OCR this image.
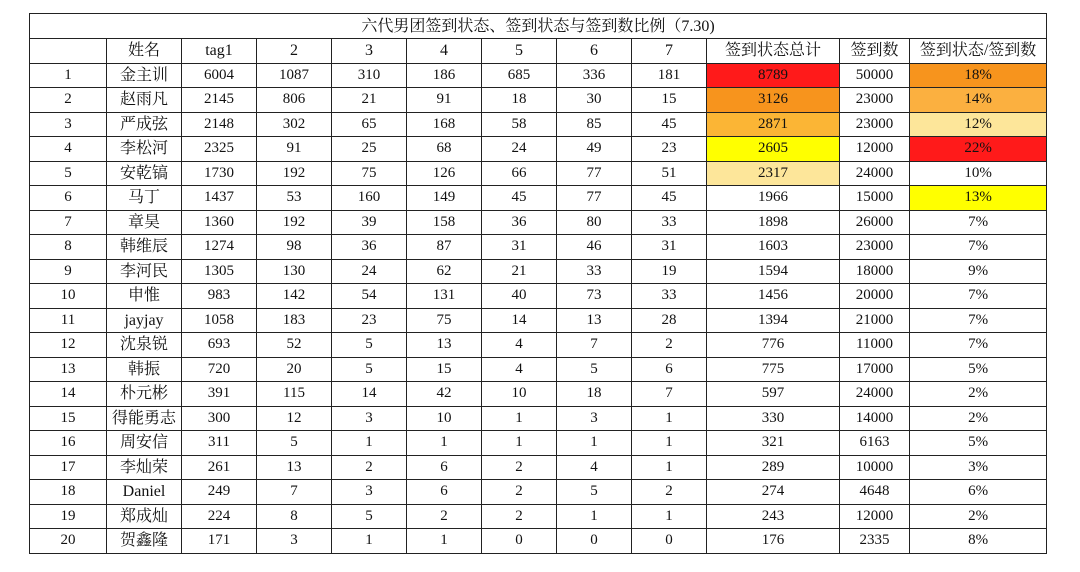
六代男团签到状态、签到状态与签到数比例（7.30)											
	姓名	tag1	2	3	4	5	6	7	签到状态总计	签到数	签到状态/签到数
1	金主训	6004	1087	310	186	685	336	181	8789	50000	18%
2	赵雨凡	2145	806	21	91	18	30	15	3126	23000	14%
3	严成弦	2148	302	65	168	58	85	45	2871	23000	12%
4	李松河	2325	91	25	68	24	49	23	2605	12000	22%
5	安乾镐	1730	192	75	126	66	77	51	2317	24000	10%
6	马丁	1437	53	160	149	45	77	45	1966	15000	13%
7	章昊	1360	192	39	158	36	80	33	1898	26000	7%
8	韩维辰	1274	98	36	87	31	46	31	1603	23000	7%
9	李河民	1305	130	24	62	21	33	19	1594	18000	9%
10	申惟	983	142	54	131	40	73	33	1456	20000	7%
11	jayjay	1058	183	23	75	14	13	28	1394	21000	7%
12	沈泉锐	693	52	5	13	4	7	2	776	11000	7%
13	韩振	720	20	5	15	4	5	6	775	17000	5%
14	朴元彬	391	115	14	42	10	18	7	597	24000	2%
15	得能勇志	300	12	3	10	1	3	1	330	14000	2%
16	周安信	311	5	1	1	1	1	1	321	6163	5%
17	李灿荣	261	13	2	6	2	4	1	289	10000	3%
18	Daniel	249	7	3	6	2	5	2	274	4648	6%
19	郑成灿	224	8	5	2	2	1	1	243	12000	2%
20	贺鑫隆	171	3	1	1	0	0	0	176	2335	8%
